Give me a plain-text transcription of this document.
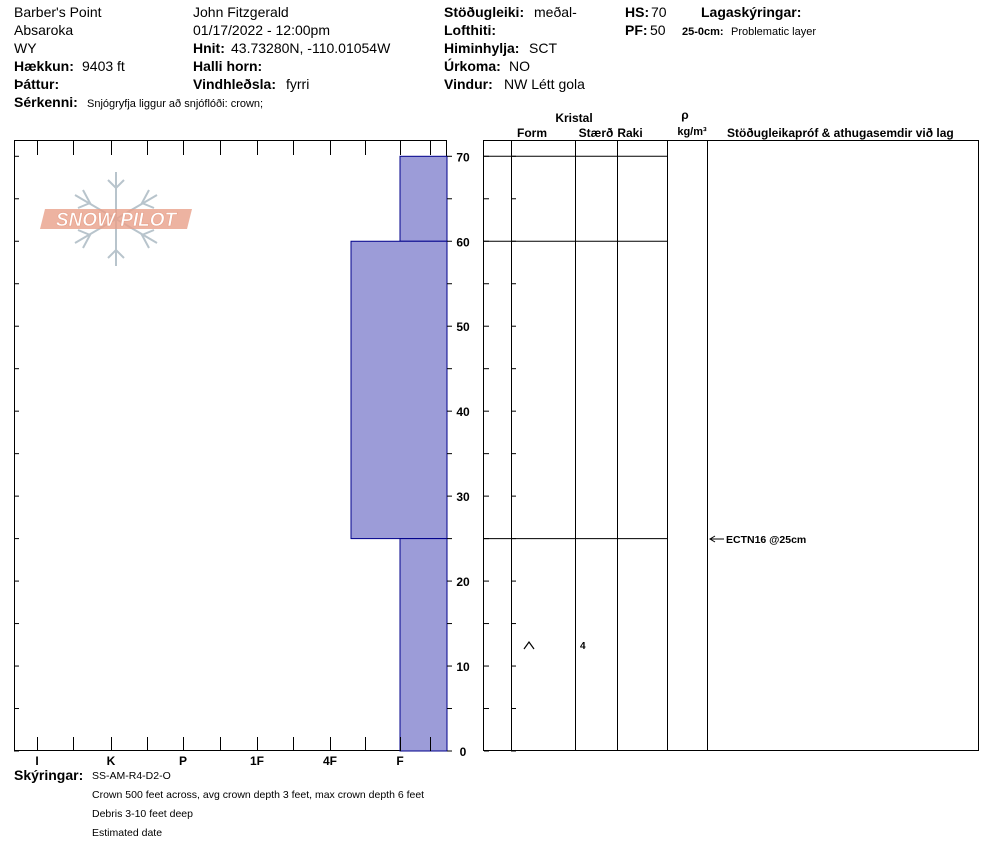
Barber's Point
Absaroka
WY
Hækkun: 9403 ft
Þáttur:
John Fitzgerald
01/17/2022 - 12:00pm
Hnit: 43.73280N, -110.01054W
Halli horn:
Vindhleðsla: fyrri
Stöðugleiki: meðal-
Lofthiti:
Himinhylja: SCT
Úrkoma: NO
Vindur: NW Létt gola
HS: 70
PF: 50
Lagaskýringar:
25-0cm: Problematic layer
Sérkenni: Snjógryfja liggur að snjóflóði: crown;
SNOW PILOT
0
10
20
30
40
50
60
70
I	K	P	1F	4F	F
Kristal
Form	Stærð Raki
ρ
kg/m³ Stöðugleikapróf & athugasemdir við lag
4
ECTN16 @25cm
Skýringar: SS-AM-R4-D2-O
Crown 500 feet across, avg crown depth 3 feet, max crown depth 6 feet
Debris 3-10 feet deep
Estimated date
